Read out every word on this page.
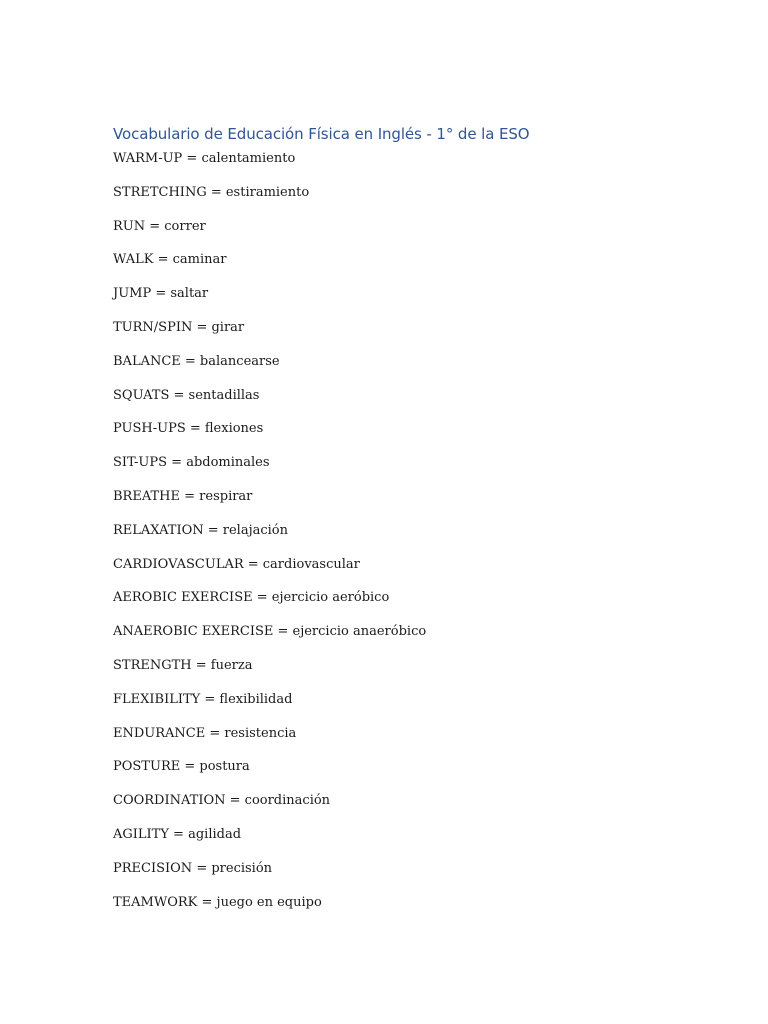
Vocabulario de Educación Física en Inglés - 1° de la ESO
WARM-UP = calentamiento
STRETCHING = estiramiento
RUN = correr
WALK = caminar
JUMP = saltar
TURN/SPIN = girar
BALANCE = balancearse
SQUATS = sentadillas
PUSH-UPS = flexiones
SIT-UPS = abdominales
BREATHE = respirar
RELAXATION = relajación
CARDIOVASCULAR = cardiovascular
AEROBIC EXERCISE = ejercicio aeróbico
ANAEROBIC EXERCISE = ejercicio anaeróbico
STRENGTH = fuerza
FLEXIBILITY = flexibilidad
ENDURANCE = resistencia
POSTURE = postura
COORDINATION = coordinación
AGILITY = agilidad
PRECISION = precisión
TEAMWORK = juego en equipo
